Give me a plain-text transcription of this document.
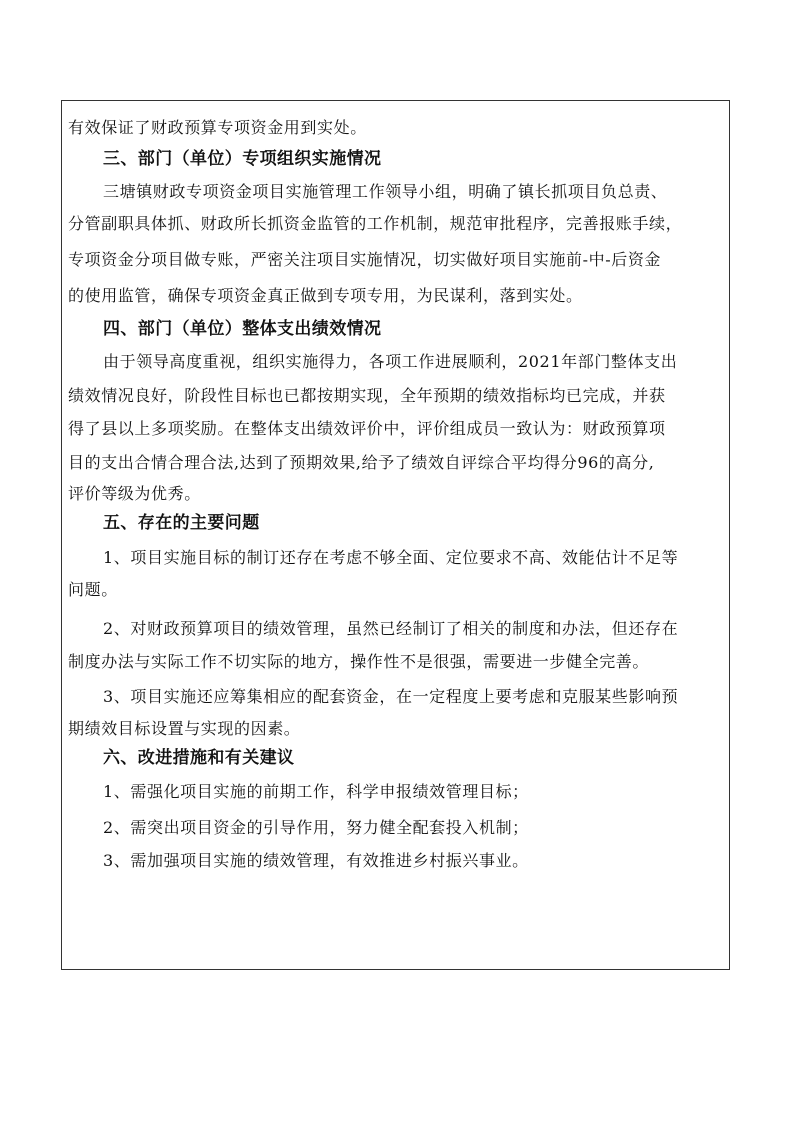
有效保证了财政预算专项资金用到实处。
三、部门（单位）专项组织实施情况
三塘镇财政专项资金项目实施管理工作领导小组，明确了镇长抓项目负总责、
分管副职具体抓、财政所长抓资金监管的工作机制，规范审批程序，完善报账手续，
专项资金分项目做专账，严密关注项目实施情况，切实做好项目实施前-中-后资金
的使用监管，确保专项资金真正做到专项专用，为民谋利，落到实处。
四、部门（单位）整体支出绩效情况
由于领导高度重视，组织实施得力，各项工作进展顺利，2021年部门整体支出
绩效情况良好，阶段性目标也已都按期实现，全年预期的绩效指标均已完成，并获
得了县以上多项奖励。在整体支出绩效评价中，评价组成员一致认为：财政预算项
目的支出合情合理合法,达到了预期效果,给予了绩效自评综合平均得分96的高分,
评价等级为优秀。
五、存在的主要问题
1、项目实施目标的制订还存在考虑不够全面、定位要求不高、效能估计不足等
问题。
2、对财政预算项目的绩效管理，虽然已经制订了相关的制度和办法，但还存在
制度办法与实际工作不切实际的地方，操作性不是很强，需要进一步健全完善。
3、项目实施还应筹集相应的配套资金，在一定程度上要考虑和克服某些影响预
期绩效目标设置与实现的因素。
六、改进措施和有关建议
1、需强化项目实施的前期工作，科学申报绩效管理目标；
2、需突出项目资金的引导作用，努力健全配套投入机制；
3、需加强项目实施的绩效管理，有效推进乡村振兴事业。
